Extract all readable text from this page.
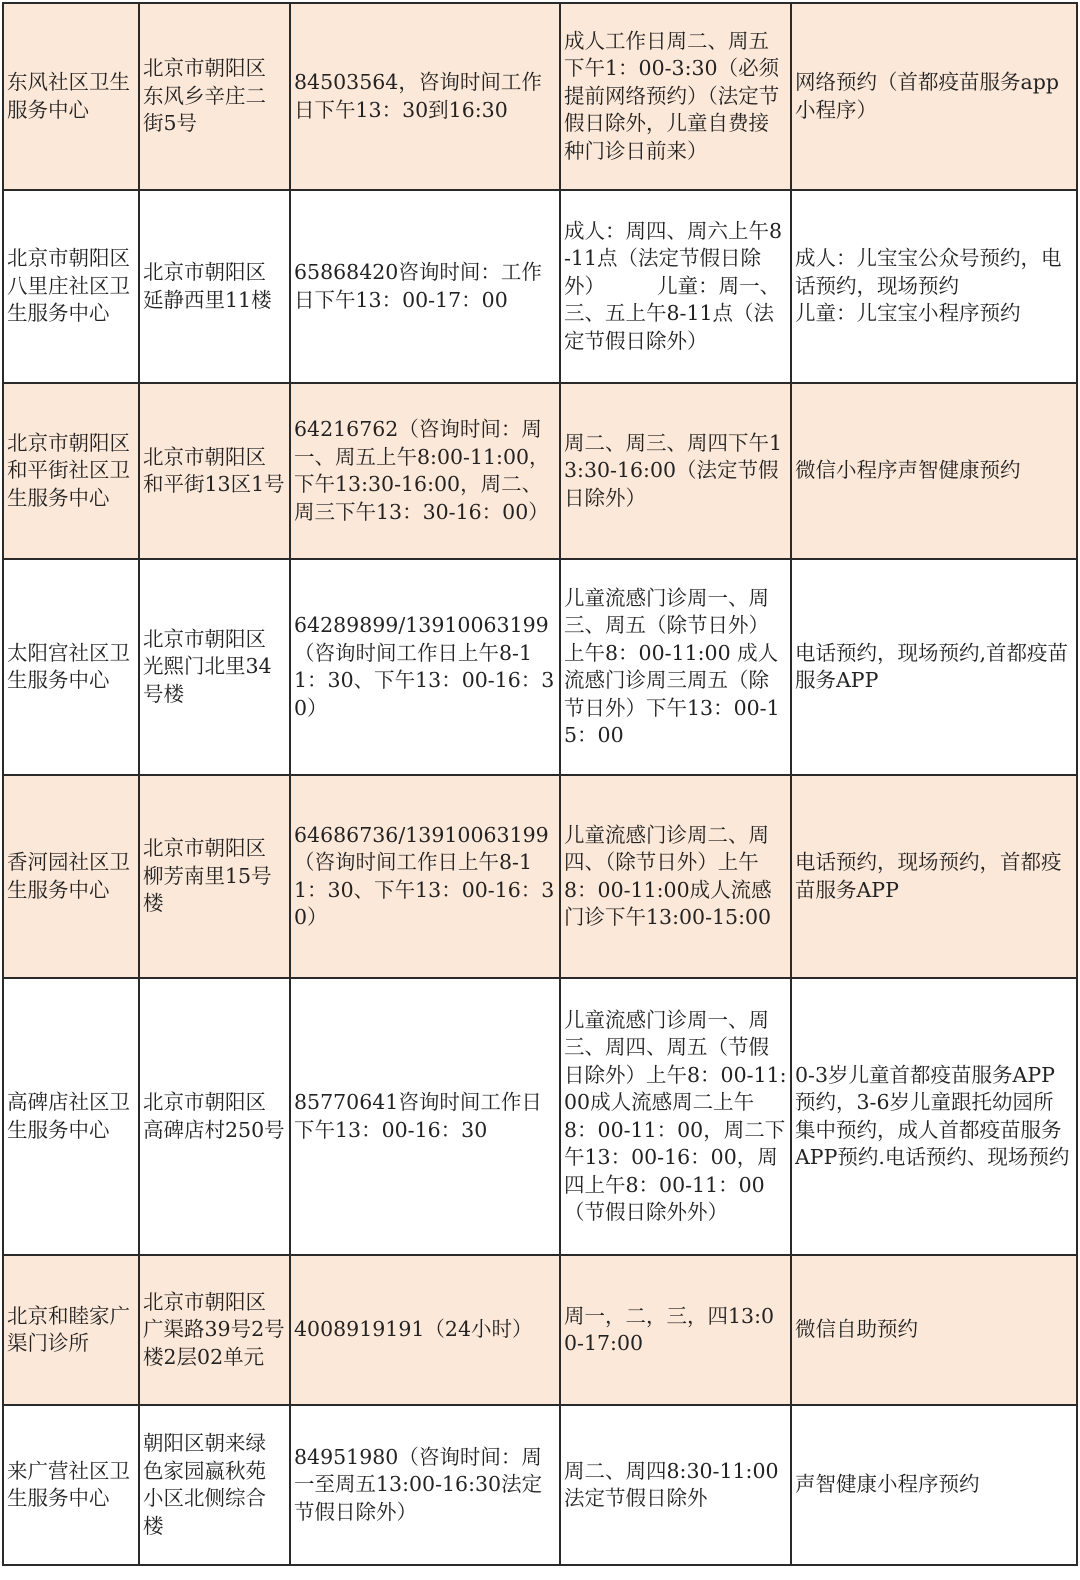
东风社区卫生服务中心	北京市朝阳区东风乡辛庄二街5号	84503564，咨询时间工作日下午13：30到16:30	成人工作日周二、周五下午1：00-3:30（必须提前网络预约）（法定节假日除外，儿童自费接种门诊日前来）	网络预约（首都疫苗服务app小程序）

北京市朝阳区八里庄社区卫生服务中心	北京市朝阳区延静西里11楼	65868420咨询时间：工作日下午13：00-17：00	成人：周四、周六上午8-11点（法定节假日除外）        儿童：周一、三、五上午8-11点（法定节假日除外）	成人：儿宝宝公众号预约，电话预约，现场预约
儿童：儿宝宝小程序预约

北京市朝阳区和平街社区卫生服务中心	北京市朝阳区和平街13区1号	64216762（咨询时间：周一、周五上午8:00-11:00，下午13:30-16:00，周二、周三下午13：30-16：00）	周二、周三、周四下午13:30-16:00（法定节假日除外）	微信小程序声智健康预约

太阳宫社区卫生服务中心	北京市朝阳区光熙门北里34号楼	64289899/13910063199（咨询时间工作日上午8-11：30、下午13：00-16：30）	儿童流感门诊周一、周三、周五（除节日外）上午8：00-11:00 成人流感门诊周三周五（除节日外）下午13：00-15：00	电话预约，现场预约,首都疫苗服务APP

香河园社区卫生服务中心	北京市朝阳区柳芳南里15号楼	64686736/13910063199（咨询时间工作日上午8-11：30、下午13：00-16：30）	儿童流感门诊周二、周四、（除节日外）上午8：00-11:00成人流感门诊下午13:00-15:00	电话预约，现场预约，首都疫苗服务APP

高碑店社区卫生服务中心	北京市朝阳区高碑店村250号	85770641咨询时间工作日下午13：00-16：30	儿童流感门诊周一、周三、周四、周五（节假日除外）上午8：00-11:00成人流感周二上午8：00-11：00，周二下午13：00-16：00，周四上午8：00-11：00（节假日除外外）	0-3岁儿童首都疫苗服务APP预约，3-6岁儿童跟托幼园所集中预约，成人首都疫苗服务APP预约.电话预约、现场预约

北京和睦家广渠门诊所	北京市朝阳区广渠路39号2号楼2层02单元	4008919191（24小时）	周一，二，三，四13:00-17:00	微信自助预约

来广营社区卫生服务中心	朝阳区朝来绿色家园嬴秋苑小区北侧综合楼	84951980（咨询时间：周一至周五13:00-16:30法定节假日除外）	周二、周四8:30-11:00法定节假日除外	声智健康小程序预约
